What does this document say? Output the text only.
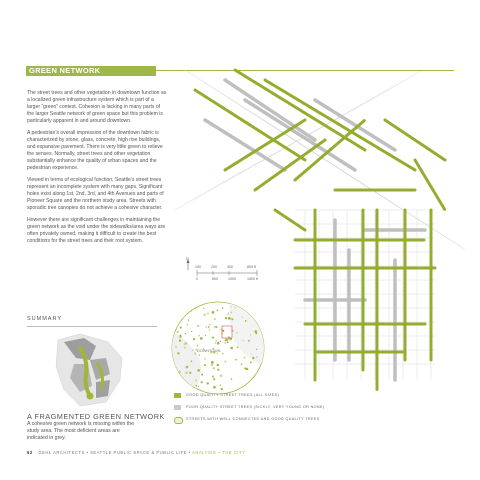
GREEN NETWORK

The street trees and other vegetation in downtown function as a localized green infrastructure system which is part of a larger “green” context. Cohesion is lacking in many parts of the larger Seattle network of green space but this problem is particularly apparent in and around downtown.

A pedestrian’s overall impression of the downtown fabric is characterized by stone, glass, concrete, high rise buildings, and expansive pavement. There is very little green to relieve the senses. Normally, street trees and other vegetation substantially enhance the quality of urban spaces and the pedestrian experience.

Viewed in terms of ecological function, Seattle’s street trees represent an incomplete system with many gaps. Significant holes exist along 1st, 2nd, 3rd, and 4th Avenues and parts of Pioneer Square and the northern study area. Streets with sporadic tree canopies do not achieve a cohesive character.

However there are significant challenges in maintaining the green network as the void under the sidewalks/area ways are often privately owned, making it difficult to create the best conditions for the street trees and their root system.

SUMMARY
A FRAGMENTED GREEN NETWORK
A cohesive green network is missing within the study area. The most deficient areas are indicated in grey.
62 GEHL ARCHITECTS • SEATTLE PUBLIC SPACE & PUBLIC LIFE • ANALYSIS – THE CITY
N
100	200	400	800 ft
0	600	1000	1500 ft
DOWNTOWN
GOOD QUALITY STREET TREES (ALL SIZES)
POOR QUALITY STREET TREES (SICKLY, VERY YOUNG OR NONE)
STREETS WITH WELL CONNECTED AND GOOD QUALITY TREES
